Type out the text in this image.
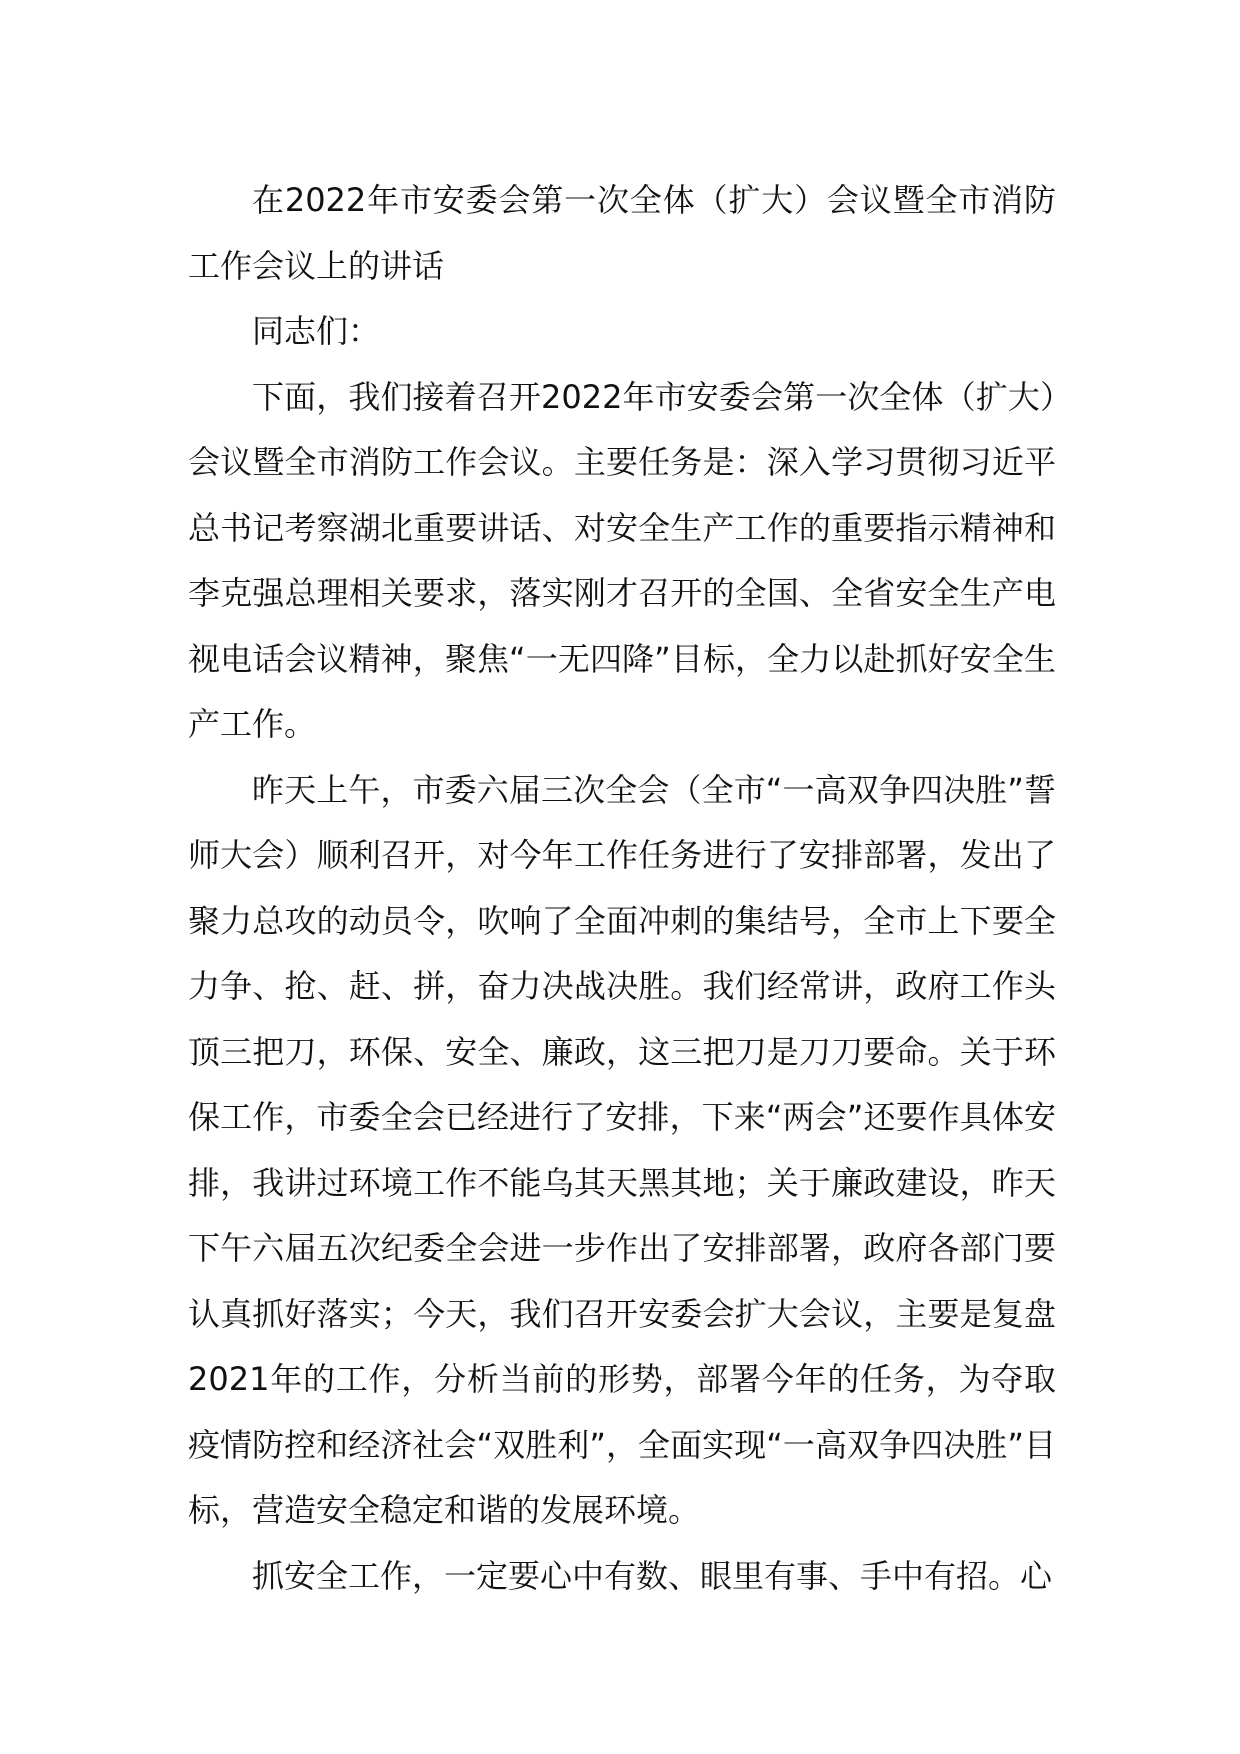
在2022年市安委会第一次全体（扩大）会议暨全市消防工作会议上的讲话

同志们：

下面，我们接着召开2022年市安委会第一次全体（扩大）会议暨全市消防工作会议。主要任务是：深入学习贯彻习近平总书记考察湖北重要讲话、对安全生产工作的重要指示精神和李克强总理相关要求，落实刚才召开的全国、全省安全生产电视电话会议精神，聚焦“一无四降”目标，全力以赴抓好安全生产工作。

昨天上午，市委六届三次全会（全市“一高双争四决胜”誓师大会）顺利召开，对今年工作任务进行了安排部署，发出了聚力总攻的动员令，吹响了全面冲刺的集结号，全市上下要全力争、抢、赶、拼，奋力决战决胜。我们经常讲，政府工作头顶三把刀，环保、安全、廉政，这三把刀是刀刀要命。关于环保工作，市委全会已经进行了安排，下来“两会”还要作具体安排，我讲过环境工作不能乌其天黑其地；关于廉政建设，昨天下午六届五次纪委全会进一步作出了安排部署，政府各部门要认真抓好落实；今天，我们召开安委会扩大会议，主要是复盘2021年的工作，分析当前的形势，部署今年的任务，为夺取疫情防控和经济社会“双胜利”，全面实现“一高双争四决胜”目标，营造安全稳定和谐的发展环境。

抓安全工作，一定要心中有数、眼里有事、手中有招。心
